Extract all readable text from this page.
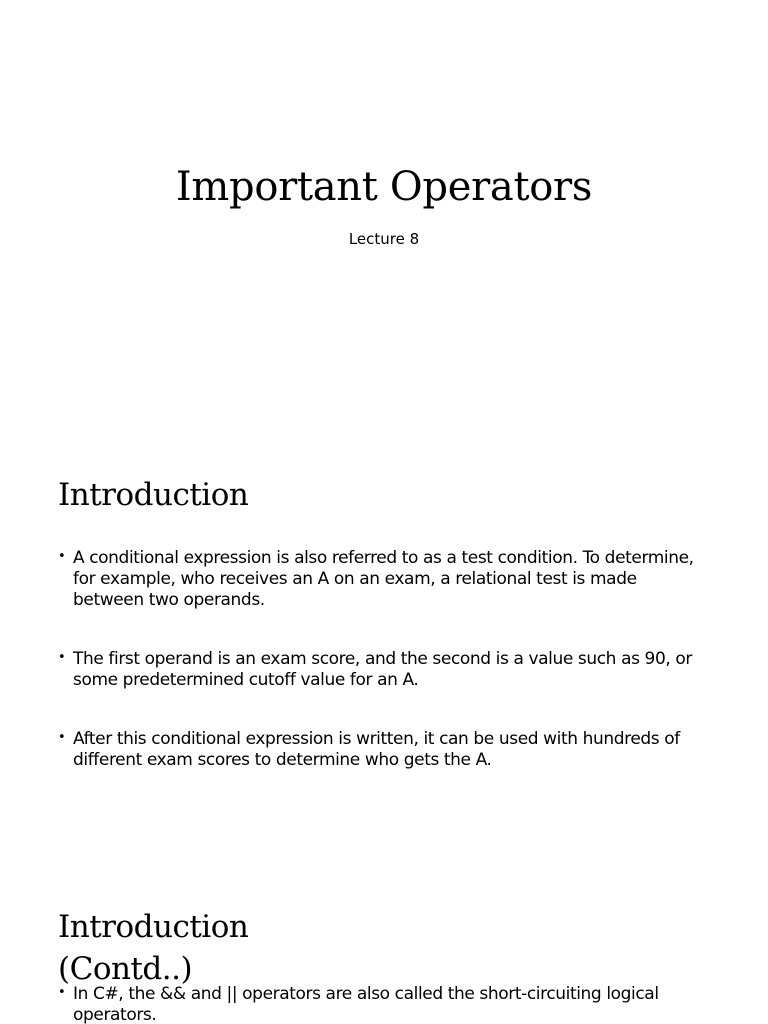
Important Operators

Lecture 8

Introduction
• A conditional expression is also referred to as a test condition. To determine, for example, who receives an A on an exam, a relational test is made between two operands.
• The first operand is an exam score, and the second is a value such as 90, or some predetermined cutoff value for an A.
• After this conditional expression is written, it can be used with hundreds of different exam scores to determine who gets the A.
Introduction (Contd..)
• In C#, the && and || operators are also called the short-circuiting logical operators.
